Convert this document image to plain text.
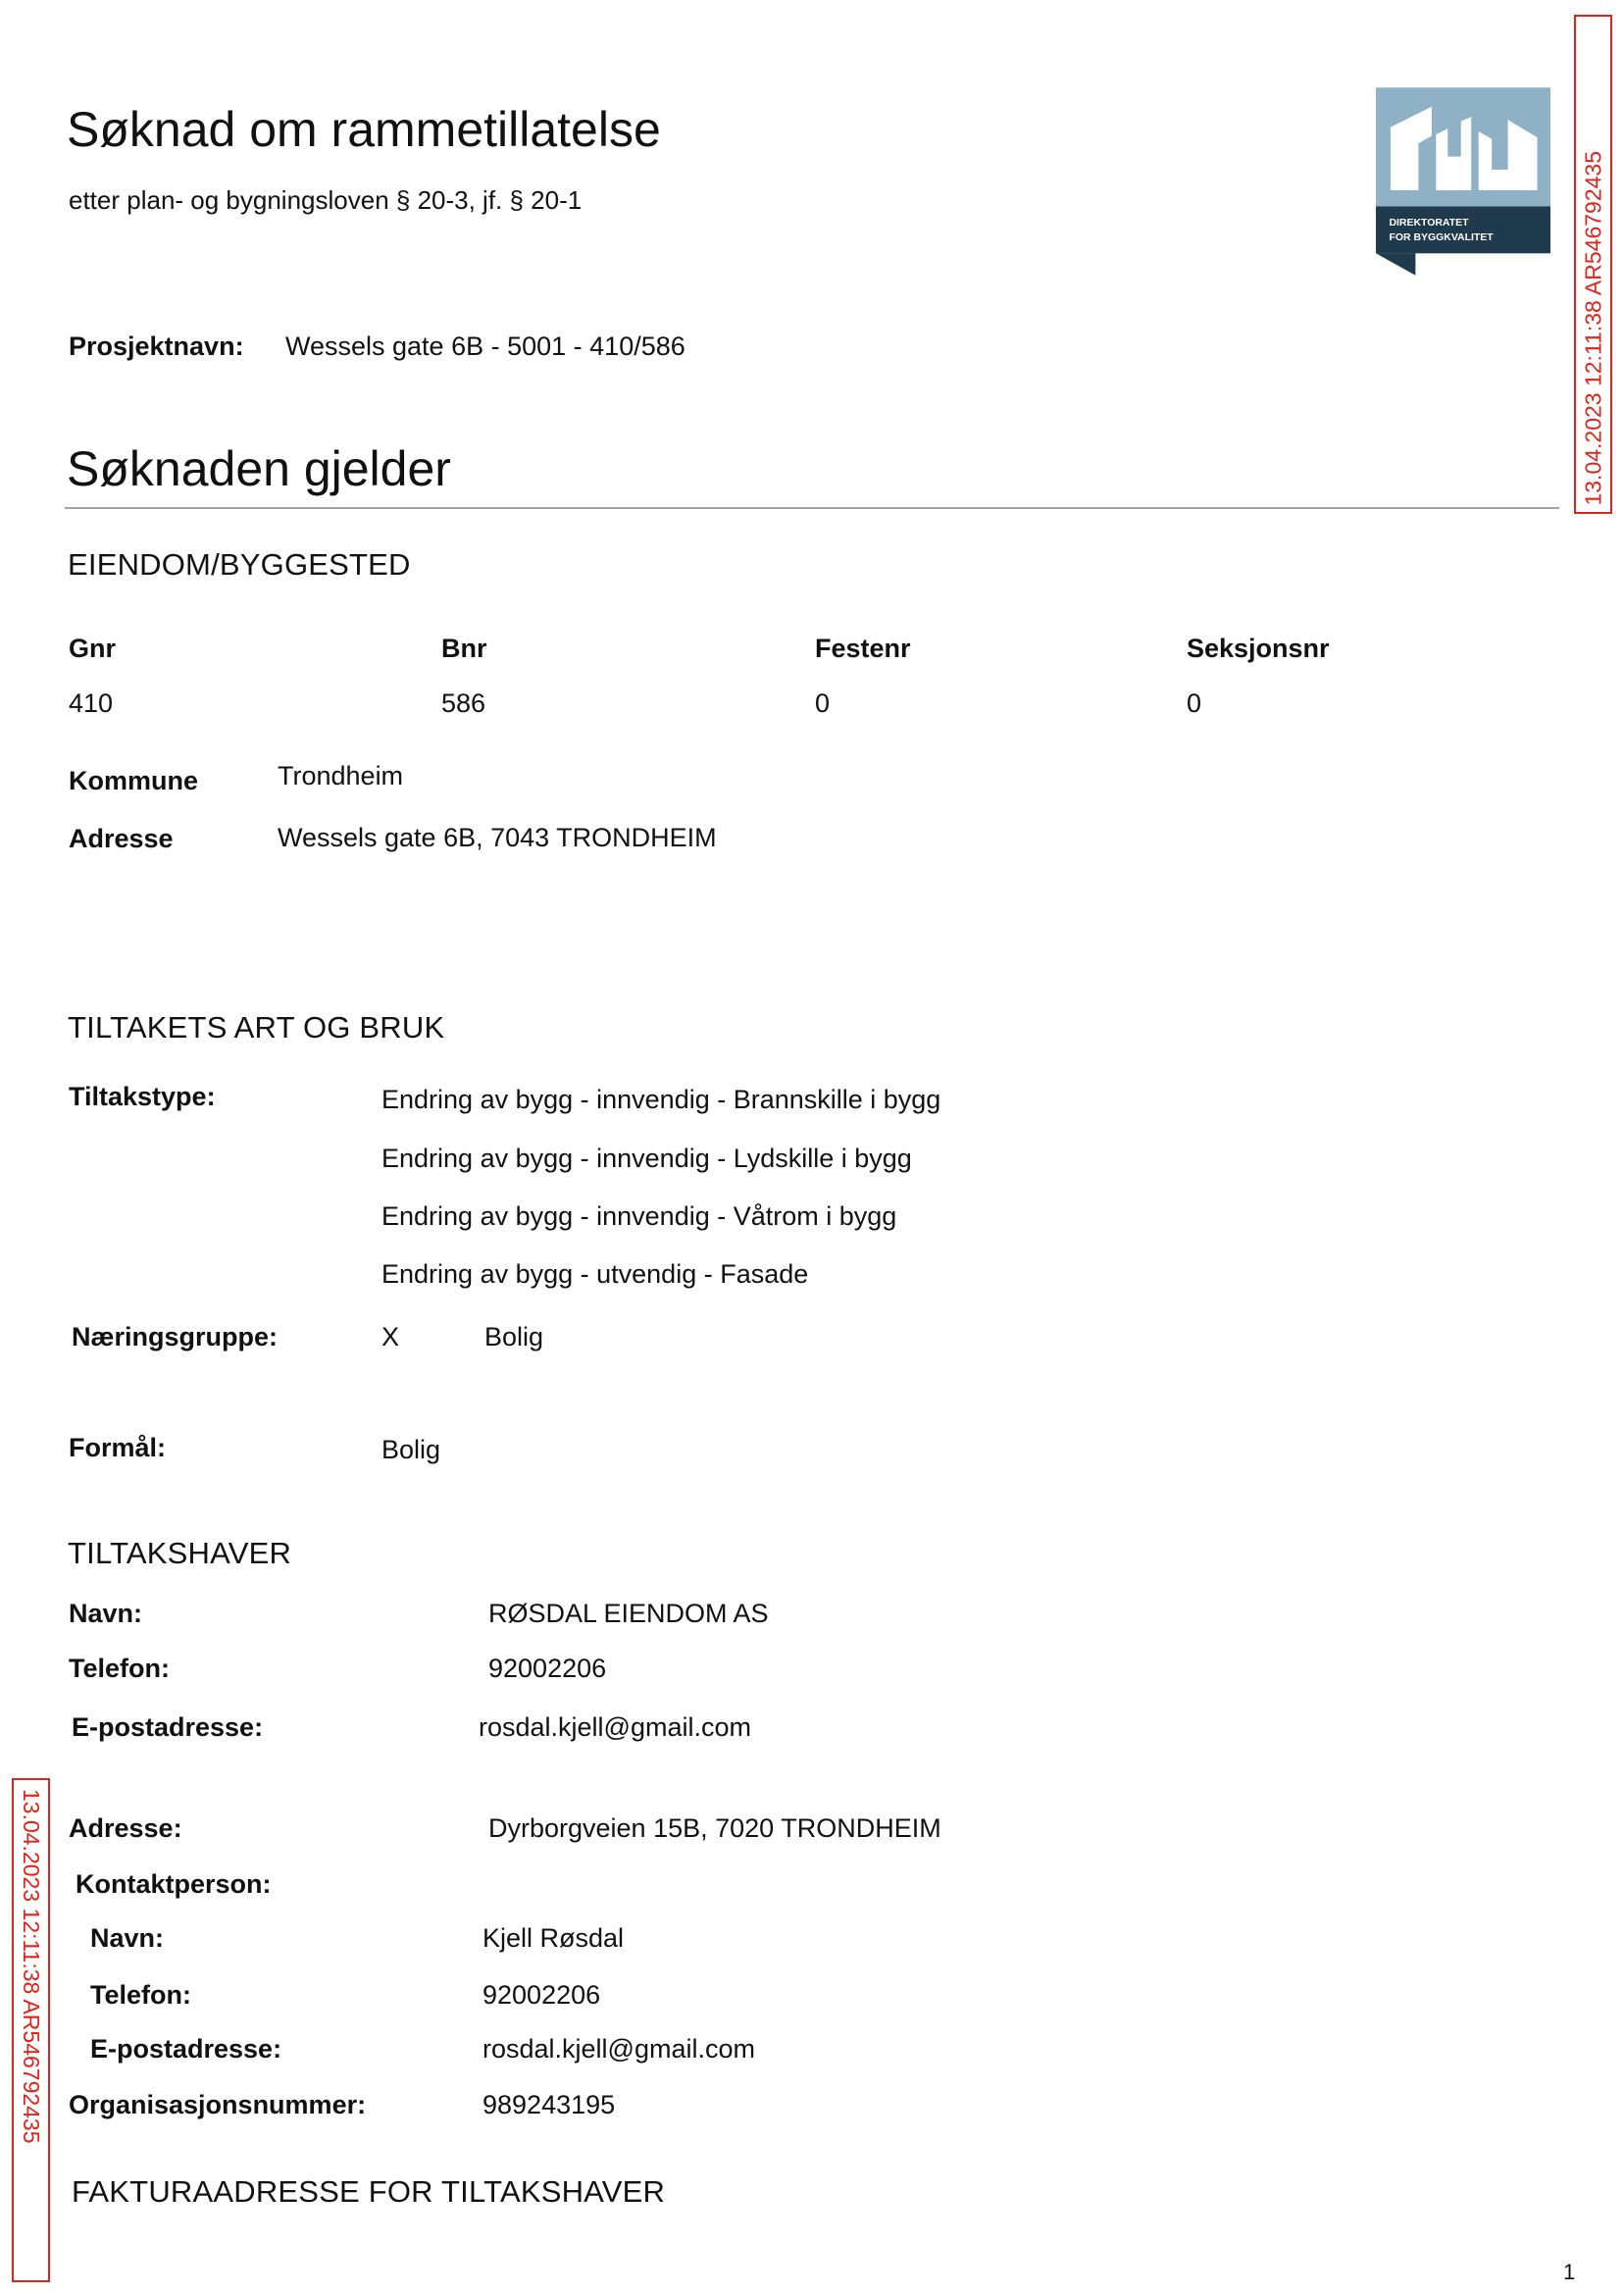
Søknad om rammetillatelse
etter plan- og bygningsloven § 20-3, jf. § 20-1
DIREKTORATET
FOR BYGGKVALITET	13.04.2023 12:11:38 AR546792435
13.04.2023 12:11:38 AR546792435
Prosjektnavn: Wessels gate 6B - 5001 - 410/586
Søknaden gjelder
EIENDOM/BYGGESTED
Gnr	Bnr	Festenr	Seksjonsnr
410	586	0	0
Kommune	Trondheim
Adresse	Wessels gate 6B, 7043 TRONDHEIM
TILTAKETS ART OG BRUK
Tiltakstype:	Endring av bygg - innvendig - Brannskille i bygg
Endring av bygg - innvendig - Lydskille i bygg
Endring av bygg - innvendig - Våtrom i bygg
Endring av bygg - utvendig - Fasade
Næringsgruppe:	X	Bolig
Formål:	Bolig
TILTAKSHAVER
Navn:	RØSDAL EIENDOM AS
Telefon:	92002206
E-postadresse:	rosdal.kjell@gmail.com
Adresse:	Dyrborgveien 15B, 7020 TRONDHEIM
Kontaktperson:
Navn:	Kjell Røsdal
Telefon:	92002206
E-postadresse:	rosdal.kjell@gmail.com
Organisasjonsnummer:	989243195
FAKTURAADRESSE FOR TILTAKSHAVER
1
